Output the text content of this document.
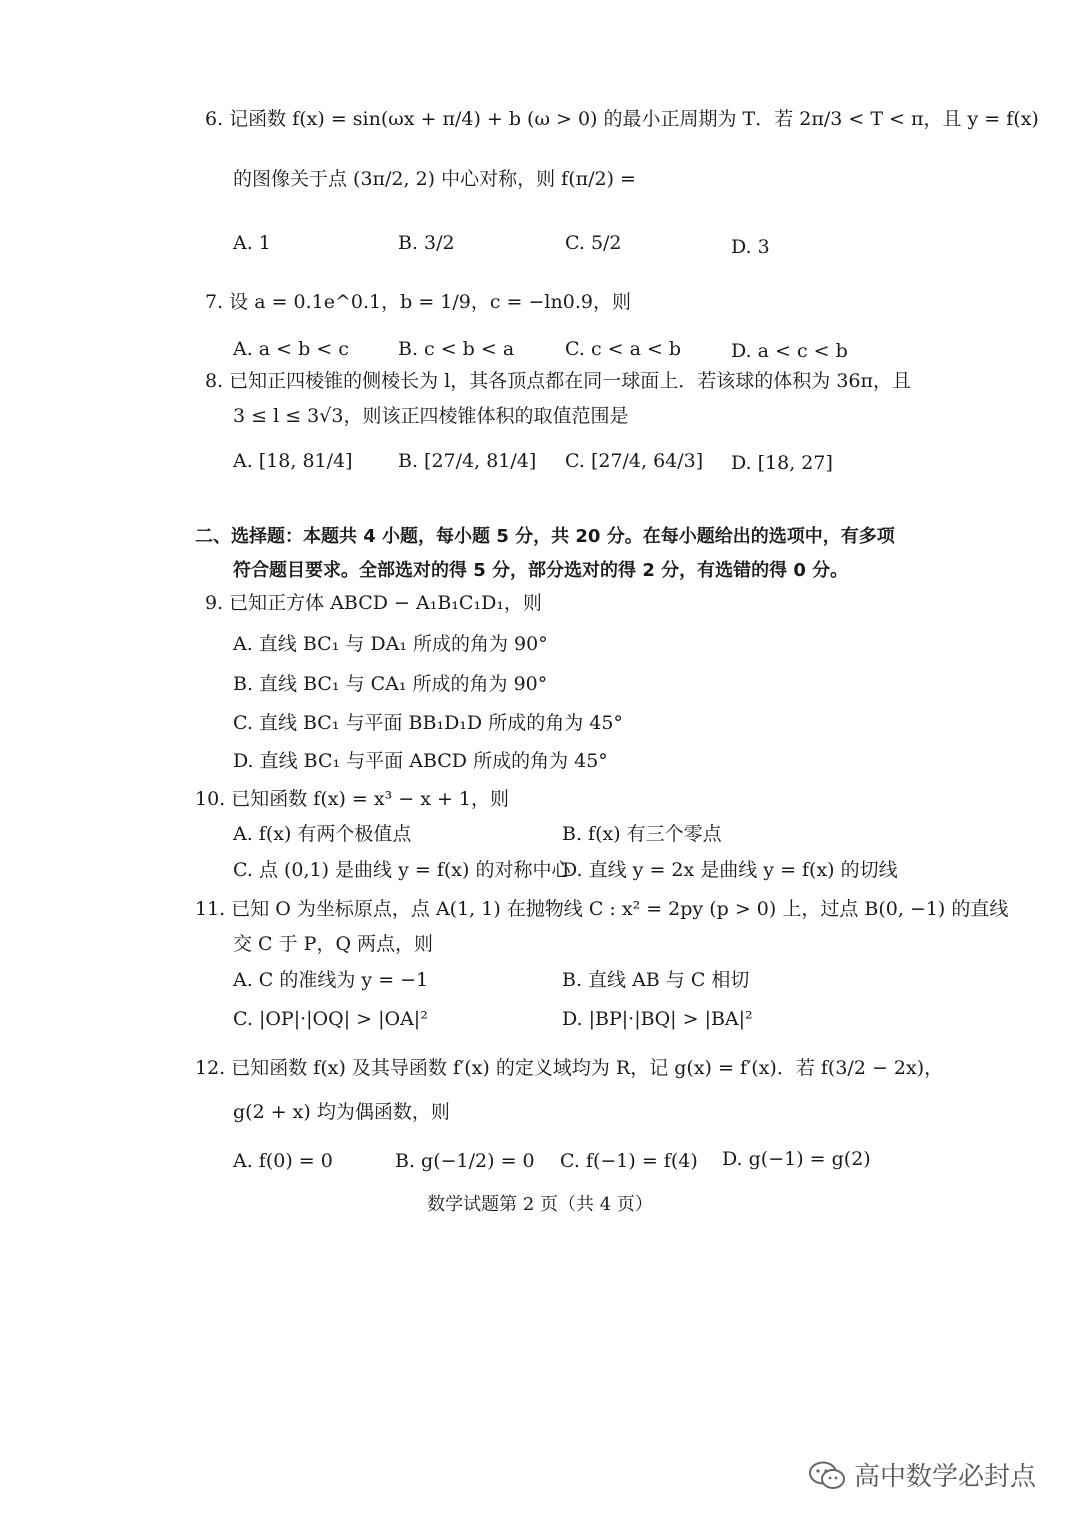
6. 记函数 f(x) = sin(ωx + π/4) + b (ω > 0) 的最小正周期为 T．若 2π/3 < T < π，且 y = f(x)
的图像关于点 (3π/2, 2) 中心对称，则 f(π/2) =
A. 1	B. 3/2	C. 5/2	D. 3
7. 设 a = 0.1e^0.1，b = 1/9，c = −ln0.9，则
A. a < b < c	B. c < b < a	C. c < a < b	D. a < c < b
8. 已知正四棱锥的侧棱长为 l，其各顶点都在同一球面上．若该球的体积为 36π，且
3 ≤ l ≤ 3√3，则该正四棱锥体积的取值范围是
A. [18, 81/4] B. [27/4, 81/4] C. [27/4, 64/3] D. [18, 27]
二、选择题：本题共 4 小题，每小题 5 分，共 20 分。在每小题给出的选项中，有多项
符合题目要求。全部选对的得 5 分，部分选对的得 2 分，有选错的得 0 分。
9. 已知正方体 ABCD − A₁B₁C₁D₁，则
A. 直线 BC₁ 与 DA₁ 所成的角为 90°
B. 直线 BC₁ 与 CA₁ 所成的角为 90°
C. 直线 BC₁ 与平面 BB₁D₁D 所成的角为 45°
D. 直线 BC₁ 与平面 ABCD 所成的角为 45°
10. 已知函数 f(x) = x³ − x + 1，则
A. f(x) 有两个极值点	B. f(x) 有三个零点
C. 点 (0,1) 是曲线 y = f(x) 的对称中心
D. 直线 y = 2x 是曲线 y = f(x) 的切线
11. 已知 O 为坐标原点，点 A(1, 1) 在抛物线 C : x² = 2py (p > 0) 上，过点 B(0, −1) 的直线
交 C 于 P，Q 两点，则
A. C 的准线为 y = −1	B. 直线 AB 与 C 相切
C. |OP|·|OQ| > |OA|²	D. |BP|·|BQ| > |BA|²
12. 已知函数 f(x) 及其导函数 f′(x) 的定义域均为 R，记 g(x) = f′(x)．若 f(3/2 − 2x)，
g(2 + x) 均为偶函数，则
A. f(0) = 0	B. g(−1/2) = 0 C. f(−1) = f(4) D. g(−1) = g(2)
数学试题第 2 页（共 4 页）
高中数学必封点
